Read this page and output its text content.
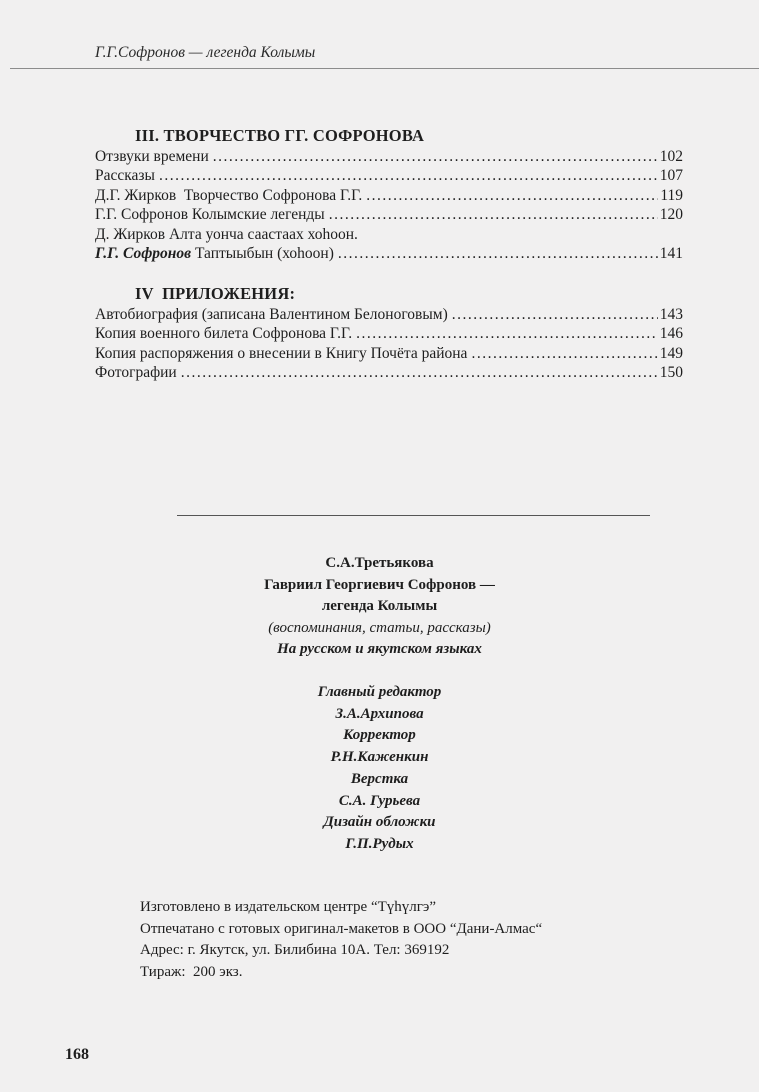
Г.Г.Софронов — легенда Колымы
III. ТВОРЧЕСТВО ГГ. СОФРОНОВА
Отзвуки времени .....	102
Рассказы .....	107
Д.Г. Жирков  Творчество Софронова Г.Г. .....	119
Г.Г. Софронов Колымские легенды .....	120
Д. Жирков Алта уонча саастаах хоһоон.
Г.Г. Софронов Таптыыбын (хоһоон) .....	141
IV  ПРИЛОЖЕНИЯ:
Автобиография (записана Валентином Белоноговым) .....	143
Копия военного билета Софронова Г.Г. .....	146
Копия распоряжения о внесении в Книгу Почёта района .....	149
Фотографии .....	150
С.А.Третьякова
Гавриил Георгиевич Софронов —
легенда Колымы
(воспоминания, статьи, рассказы)
На русском и якутском языках
Главный редактор
З.А.Архипова
Корректор
Р.Н.Каженкин
Верстка
С.А. Гурьева
Дизайн обложки
Г.П.Рудых
Изготовлено в издательском центре “Түһүлгэ”
Отпечатано с готовых оригинал-макетов в ООО “Дани-Алмас“
Адрес: г. Якутск, ул. Билибина 10А. Тел: 369192
Тираж:  200 экз.
168
